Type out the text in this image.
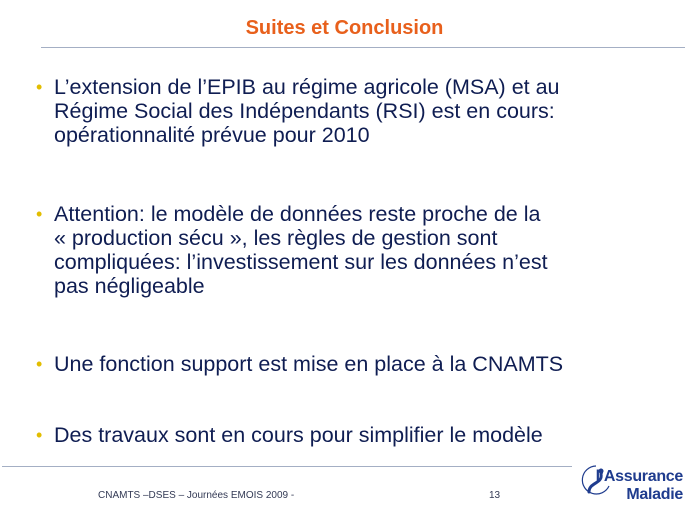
Suites et Conclusion
• L’extension de l’EPIB au régime agricole (MSA) et au
Régime Social des Indépendants (RSI) est en cours:
opérationnalité prévue pour 2010
• Attention: le modèle de données reste proche de la
« production sécu », les règles de gestion sont
compliquées: l’investissement sur les données n’est
pas négligeable
• Une fonction support est mise en place à la CNAMTS
• Des travaux sont en cours pour simplifier le modèle
CNAMTS –DSES – Journées EMOIS 2009 -	13
l’Assurance
Maladie
